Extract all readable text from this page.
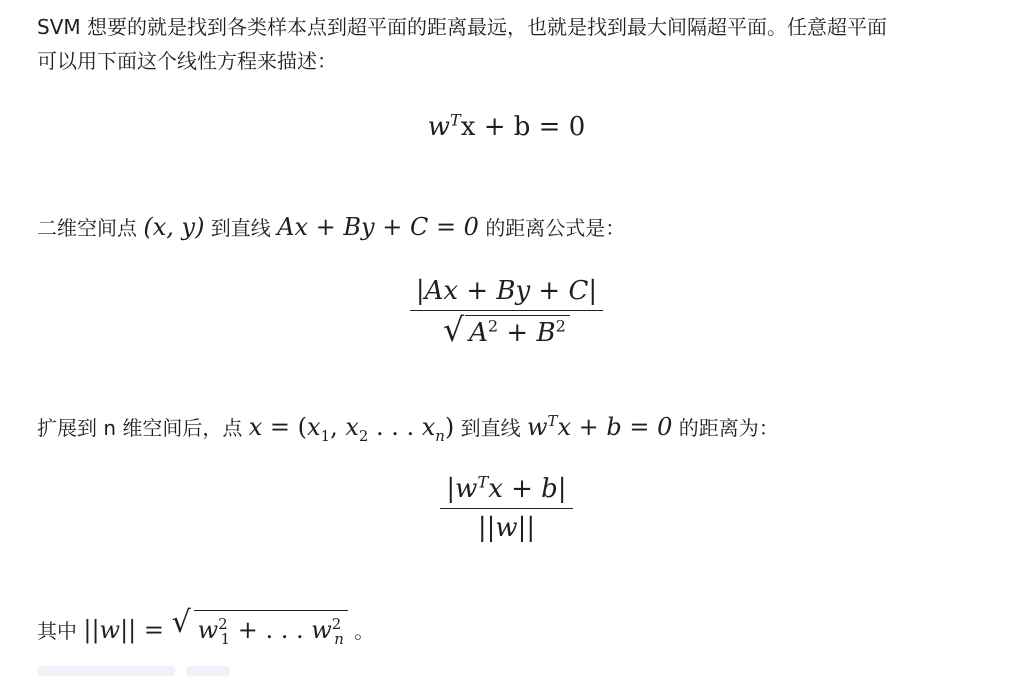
SVM 想要的就是找到各类样本点到超平面的距离最远，也就是找到最大间隔超平面。任意超平面
可以用下面这个线性方程来描述：
$w^Tx + b = 0$
二维空间点 (x, y) 到直线 Ax + By + C = 0 的距离公式是：
$\frac{|Ax + By + C|}{√ A^2 + B^2}$
扩展到 n 维空间后，点 $x = (x_1$, $x_2$ . . . $x_n$) 到直线 $w^Tx + b = 0$ 的距离为：
$\frac{|w^Tx + b|}{||w||}$
其中 ||w|| = √ $w^2_1$ + . . . $w^2_n$ 。
